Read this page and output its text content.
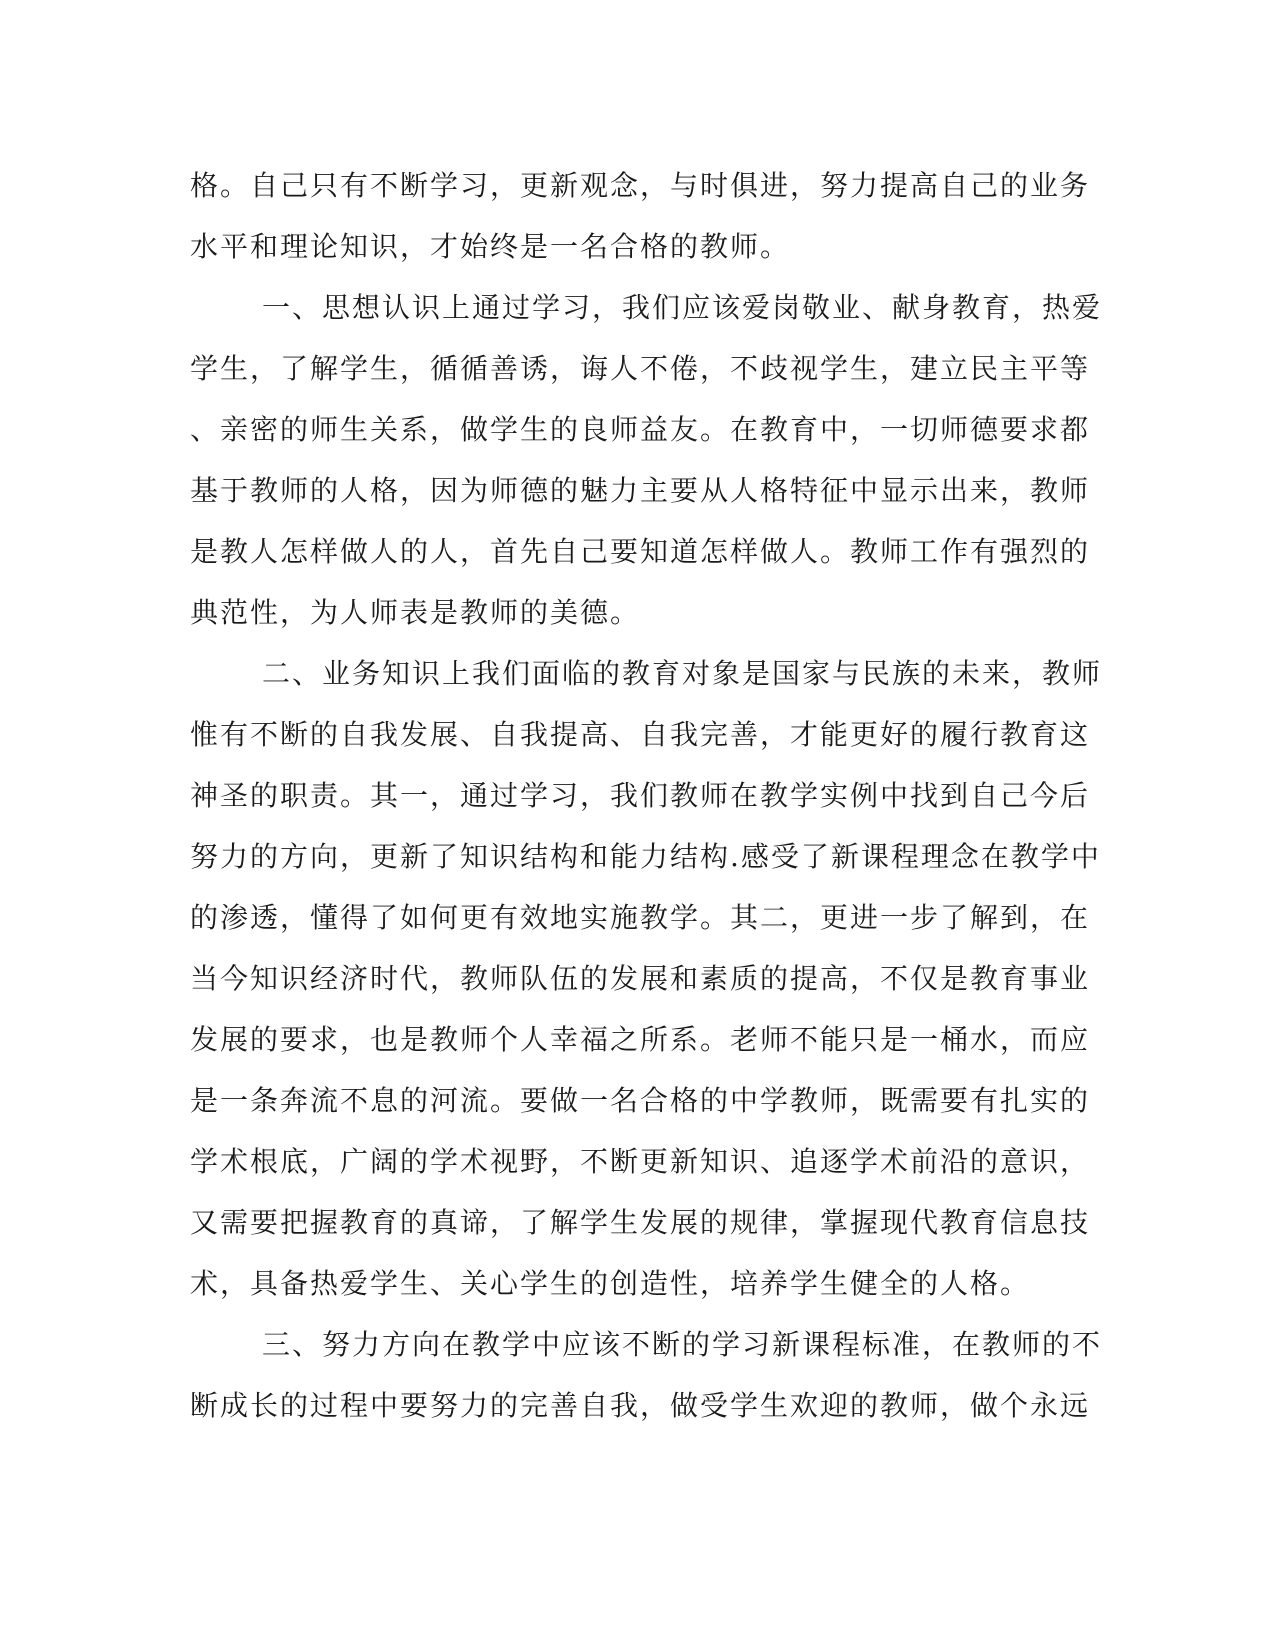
格。自己只有不断学习，更新观念，与时俱进，努力提高自己的业务
水平和理论知识，才始终是一名合格的教师。
一、思想认识上通过学习，我们应该爱岗敬业、献身教育，热爱
学生，了解学生，循循善诱，诲人不倦，不歧视学生，建立民主平等
、亲密的师生关系，做学生的良师益友。在教育中，一切师德要求都
基于教师的人格，因为师德的魅力主要从人格特征中显示出来，教师
是教人怎样做人的人，首先自己要知道怎样做人。教师工作有强烈的
典范性，为人师表是教师的美德。
二、业务知识上我们面临的教育对象是国家与民族的未来，教师
惟有不断的自我发展、自我提高、自我完善，才能更好的履行教育这
神圣的职责。其一，通过学习，我们教师在教学实例中找到自己今后
努力的方向，更新了知识结构和能力结构.感受了新课程理念在教学中
的渗透，懂得了如何更有效地实施教学。其二，更进一步了解到，在
当今知识经济时代，教师队伍的发展和素质的提高，不仅是教育事业
发展的要求，也是教师个人幸福之所系。老师不能只是一桶水，而应
是一条奔流不息的河流。要做一名合格的中学教师，既需要有扎实的
学术根底，广阔的学术视野，不断更新知识、追逐学术前沿的意识，
又需要把握教育的真谛，了解学生发展的规律，掌握现代教育信息技
术，具备热爱学生、关心学生的创造性，培养学生健全的人格。
三、努力方向在教学中应该不断的学习新课程标准，在教师的不
断成长的过程中要努力的完善自我，做受学生欢迎的教师，做个永远
